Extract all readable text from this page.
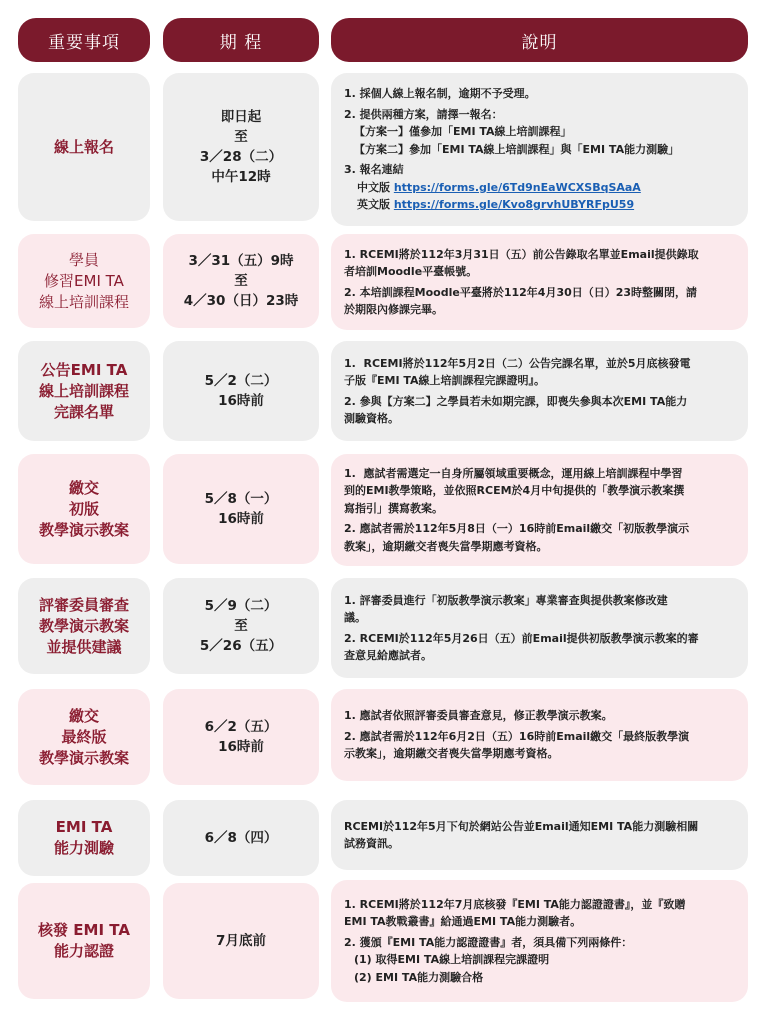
重要事項	期 程	說明
線上報名
即日起
至
3／28（二）
中午12時
1. 採個人線上報名制，逾期不予受理。
2. 提供兩種方案，請擇一報名：
【方案一】僅參加「EMI TA線上培訓課程」
【方案二】參加「EMI TA線上培訓課程」與「EMI TA能力測驗」
3. 報名連結
中文版 https://forms.gle/6Td9nEaWCXSBqSAaA
英文版 https://forms.gle/Kvo8grvhUBYRFpU59
學員
修習EMI TA
線上培訓課程
3／31（五）9時
至
4／30（日）23時
1. RCEMI將於112年3月31日（五）前公告錄取名單並Email提供錄取
者培訓Moodle平臺帳號。
2. 本培訓課程Moodle平臺將於112年4月30日（日）23時整關閉，請
於期限內修課完畢。
公告EMI TA
線上培訓課程
完課名單
5／2（二）
16時前
1.  RCEMI將於112年5月2日（二）公告完課名單，並於5月底核發電
子版『EMI TA線上培訓課程完課證明』。
2. 參與【方案二】之學員若未如期完課，即喪失參與本次EMI TA能力
測驗資格。
繳交
初版
教學演示教案
5／8（一）
16時前
1.  應試者需選定一自身所屬領域重要概念，運用線上培訓課程中學習
到的EMI教學策略，並依照RCEM於4月中旬提供的「教學演示教案撰
寫指引」撰寫教案。
2. 應試者需於112年5月8日（一）16時前Email繳交「初版教學演示
教案」，逾期繳交者喪失當學期應考資格。
評審委員審查
教學演示教案
並提供建議
5／9（二）
至
5／26（五）
1. 評審委員進行「初版教學演示教案」專業審查與提供教案修改建
議。
2. RCEMI於112年5月26日（五）前Email提供初版教學演示教案的審
查意見給應試者。
繳交
最終版
教學演示教案
6／2（五）
16時前
1. 應試者依照評審委員審查意見，修正教學演示教案。
2. 應試者需於112年6月2日（五）16時前Email繳交「最終版教學演
示教案」，逾期繳交者喪失當學期應考資格。
EMI TA
能力測驗
6／8（四）
RCEMI於112年5月下旬於網站公告並Email通知EMI TA能力測驗相關
試務資訊。
核發 EMI TA
能力認證
7月底前
1. RCEMI將於112年7月底核發『EMI TA能力認證證書』，並『致贈
EMI TA教戰叢書』給通過EMI TA能力測驗者。
2. 獲頒『EMI TA能力認證證書』者，須具備下列兩條件：
(1) 取得EMI TA線上培訓課程完課證明
(2) EMI TA能力測驗合格
